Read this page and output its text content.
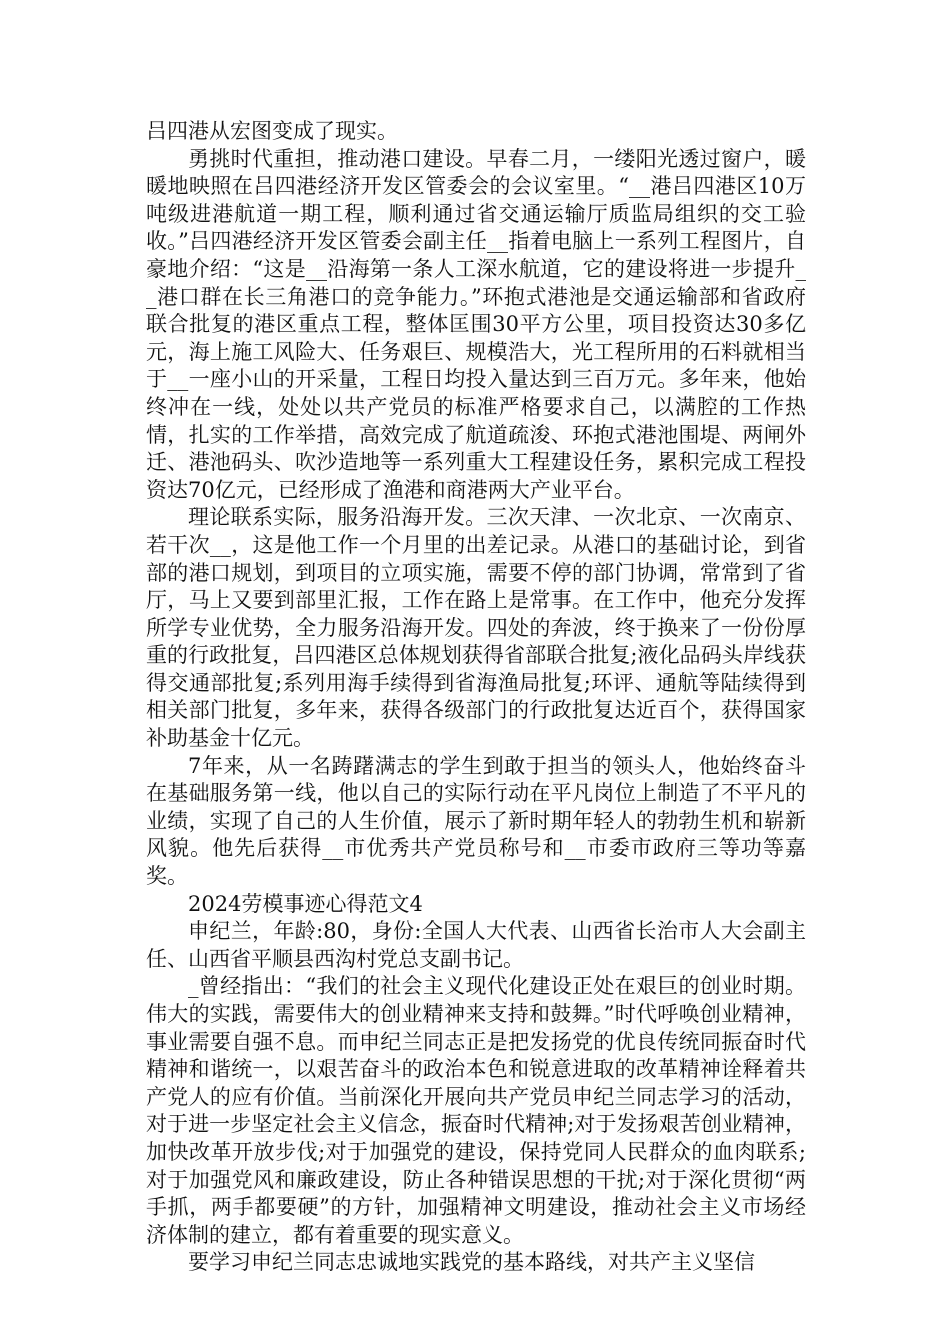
吕四港从宏图变成了现实。

勇挑时代重担，推动港口建设。早春二月，一缕阳光透过窗户，暖暖地映照在吕四港经济开发区管委会的会议室里。“__港吕四港区10万吨级进港航道一期工程，顺利通过省交通运输厅质监局组织的交工验收。”吕四港经济开发区管委会副主任__指着电脑上一系列工程图片，自豪地介绍：“这是__沿海第一条人工深水航道，它的建设将进一步提升__港口群在长三角港口的竞争能力。”环抱式港池是交通运输部和省政府联合批复的港区重点工程，整体匡围30平方公里，项目投资达30多亿元，海上施工风险大、任务艰巨、规模浩大，光工程所用的石料就相当于__一座小山的开采量，工程日均投入量达到三百万元。多年来，他始终冲在一线，处处以共产党员的标准严格要求自己，以满腔的工作热情，扎实的工作举措，高效完成了航道疏浚、环抱式港池围堤、两闸外迁、港池码头、吹沙造地等一系列重大工程建设任务，累积完成工程投资达70亿元，已经形成了渔港和商港两大产业平台。

理论联系实际，服务沿海开发。三次天津、一次北京、一次南京、若干次__，这是他工作一个月里的出差记录。从港口的基础讨论，到省部的港口规划，到项目的立项实施，需要不停的部门协调，常常到了省厅，马上又要到部里汇报，工作在路上是常事。在工作中，他充分发挥所学专业优势，全力服务沿海开发。四处的奔波，终于换来了一份份厚重的行政批复，吕四港区总体规划获得省部联合批复;液化品码头岸线获得交通部批复;系列用海手续得到省海渔局批复;环评、通航等陆续得到相关部门批复，多年来，获得各级部门的行政批复达近百个，获得国家补助基金十亿元。

7年来，从一名踌躇满志的学生到敢于担当的领头人，他始终奋斗在基础服务第一线，他以自己的实际行动在平凡岗位上制造了不平凡的业绩，实现了自己的人生价值，展示了新时期年轻人的勃勃生机和崭新风貌。他先后获得__市优秀共产党员称号和__市委市政府三等功等嘉奖。

2024劳模事迹心得范文4

申纪兰，年龄:80，身份:全国人大代表、山西省长治市人大会副主任、山西省平顺县西沟村党总支副书记。

_曾经指出：“我们的社会主义现代化建设正处在艰巨的创业时期。伟大的实践，需要伟大的创业精神来支持和鼓舞。”时代呼唤创业精神，事业需要自强不息。而申纪兰同志正是把发扬党的优良传统同振奋时代精神和谐统一，以艰苦奋斗的政治本色和锐意进取的改革精神诠释着共产党人的应有价值。当前深化开展向共产党员申纪兰同志学习的活动，对于进一步坚定社会主义信念，振奋时代精神;对于发扬艰苦创业精神，加快改革开放步伐;对于加强党的建设，保持党同人民群众的血肉联系;对于加强党风和廉政建设，防止各种错误思想的干扰;对于深化贯彻“两手抓，两手都要硬”的方针，加强精神文明建设，推动社会主义市场经济体制的建立，都有着重要的现实意义。

要学习申纪兰同志忠诚地实践党的基本路线，对共产主义坚信
